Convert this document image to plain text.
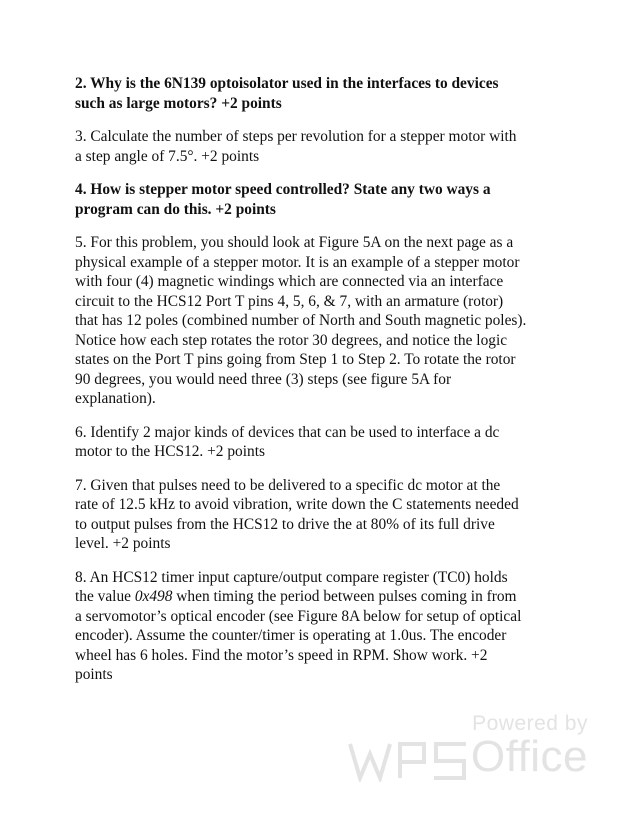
2. Why is the 6N139 optoisolator used in the interfaces to devices
such as large motors? +2 points

3. Calculate the number of steps per revolution for a stepper motor with
a step angle of 7.5°. +2 points

4. How is stepper motor speed controlled? State any two ways a
program can do this. +2 points

5. For this problem, you should look at Figure 5A on the next page as a
physical example of a stepper motor. It is an example of a stepper motor
with four (4) magnetic windings which are connected via an interface
circuit to the HCS12 Port T pins 4, 5, 6, & 7, with an armature (rotor)
that has 12 poles (combined number of North and South magnetic poles).
Notice how each step rotates the rotor 30 degrees, and notice the logic
states on the Port T pins going from Step 1 to Step 2. To rotate the rotor
90 degrees, you would need three (3) steps (see figure 5A for
explanation).

6. Identify 2 major kinds of devices that can be used to interface a dc
motor to the HCS12. +2 points

7. Given that pulses need to be delivered to a specific dc motor at the
rate of 12.5 kHz to avoid vibration, write down the C statements needed
to output pulses from the HCS12 to drive the at 80% of its full drive
level. +2 points

8. An HCS12 timer input capture/output compare register (TC0) holds
the value 0x498 when timing the period between pulses coming in from
a servomotor’s optical encoder (see Figure 8A below for setup of optical
encoder). Assume the counter/timer is operating at 1.0us. The encoder
wheel has 6 holes. Find the motor’s speed in RPM. Show work. +2
points

Powered by
Office
